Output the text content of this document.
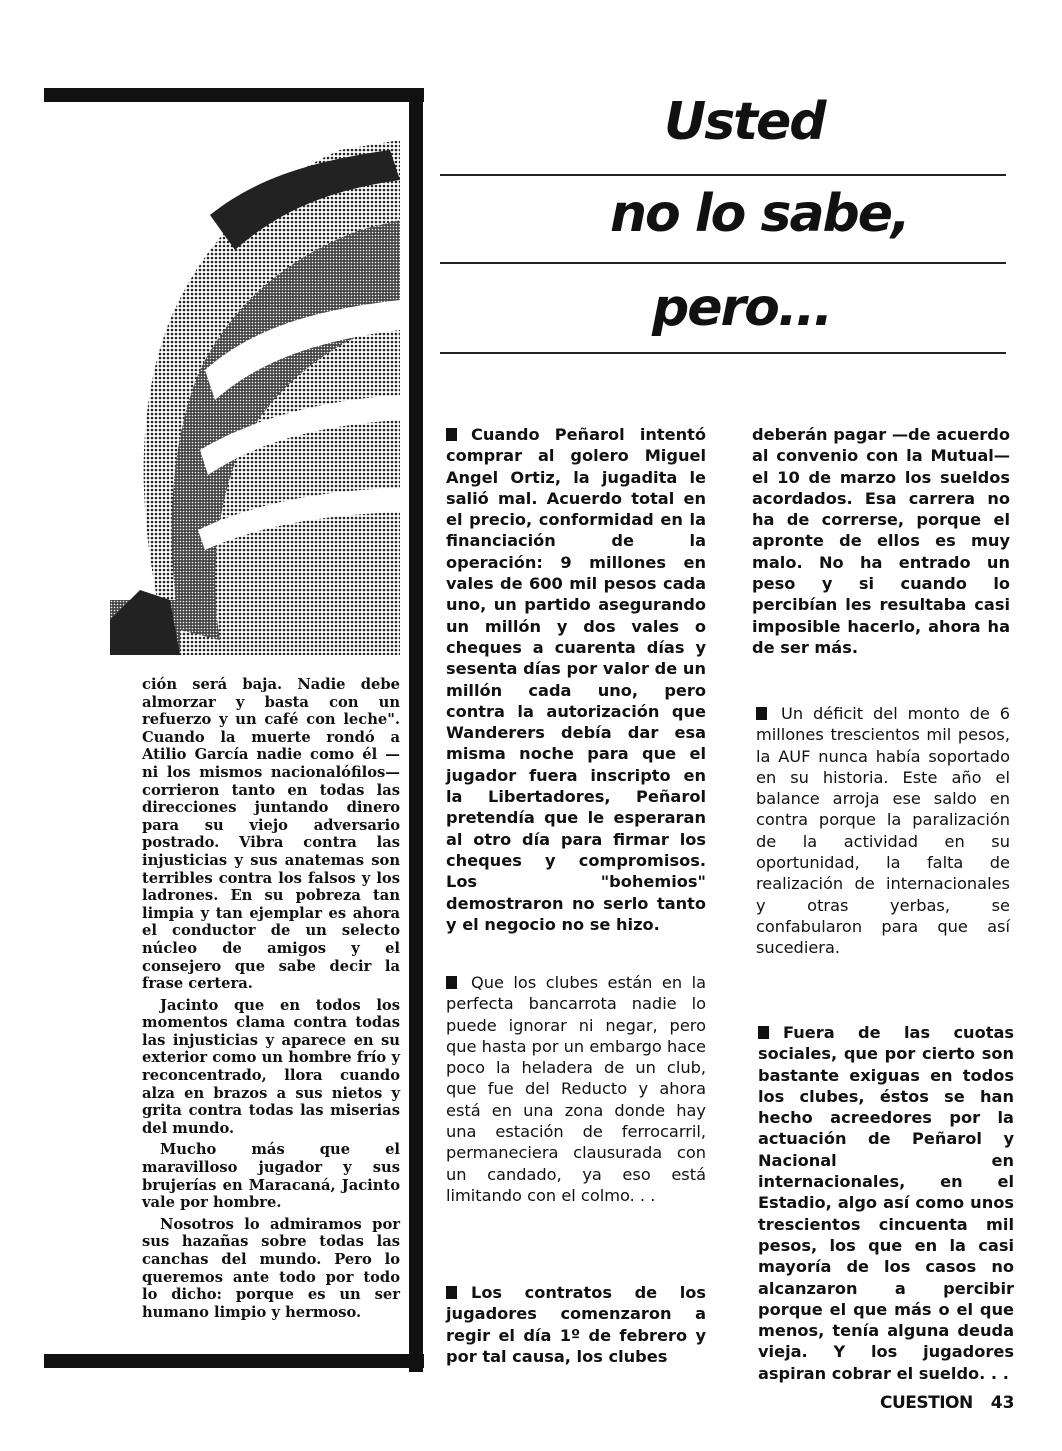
ción será baja. Nadie debe almorzar y basta con un refuerzo y un café con leche". Cuando la muerte rondó a Atilio García nadie como él —ni los mismos nacionalófilos— corrieron tanto en todas las direcciones juntando dinero para su viejo adversario postrado. Vibra contra las injusticias y sus anatemas son terribles contra los falsos y los ladrones. En su pobreza tan limpia y tan ejemplar es ahora el conductor de un selecto núcleo de amigos y el consejero que sabe decir la frase certera.

Jacinto que en todos los momentos clama contra todas las injusticias y aparece en su exterior como un hombre frío y reconcentrado, llora cuando alza en brazos a sus nietos y grita contra todas las miserias del mundo.

Mucho más que el maravilloso jugador y sus brujerías en Maracaná, Jacinto vale por hombre.

Nosotros lo admiramos por sus hazañas sobre todas las canchas del mundo. Pero lo queremos ante todo por todo lo dicho: porque es un ser humano limpio y hermoso.

Usted
no lo sabe,
pero...

Cuando Peñarol intentó comprar al golero Miguel Angel Ortiz, la jugadita le salió mal. Acuerdo total en el precio, conformidad en la financiación de la operación: 9 millones en vales de 600 mil pesos cada uno, un partido asegurando un millón y dos vales o cheques a cuarenta días y sesenta días por valor de un millón cada uno, pero contra la autorización que Wanderers debía dar esa misma noche para que el jugador fuera inscripto en la Libertadores, Peñarol pretendía que le esperaran al otro día para firmar los cheques y compromisos. Los "bohemios" demostraron no serlo tanto y el negocio no se hizo.

Que los clubes están en la perfecta bancarrota nadie lo puede ignorar ni negar, pero que hasta por un embargo hace poco la heladera de un club, que fue del Reducto y ahora está en una zona donde hay una estación de ferrocarril, permaneciera clausurada con un candado, ya eso está limitando con el colmo. . .

Los contratos de los jugadores comenzaron a regir el día 1º de febrero y por tal causa, los clubes

deberán pagar —de acuerdo al convenio con la Mutual— el 10 de marzo los sueldos acordados. Esa carrera no ha de correrse, porque el apronte de ellos es muy malo. No ha entrado un peso y si cuando lo percibían les resultaba casi imposible hacerlo, ahora ha de ser más.

Un déficit del monto de 6 millones trescientos mil pesos, la AUF nunca había soportado en su historia. Este año el balance arroja ese saldo en contra porque la paralización de la actividad en su oportunidad, la falta de realización de internacionales y otras yerbas, se confabularon para que así sucediera.

Fuera de las cuotas sociales, que por cierto son bastante exiguas en todos los clubes, éstos se han hecho acreedores por la actuación de Peñarol y Nacional en internacionales, en el Estadio, algo así como unos trescientos cincuenta mil pesos, los que en la casi mayoría de los casos no alcanzaron a percibir porque el que más o el que menos, tenía alguna deuda vieja. Y los jugadores aspiran cobrar el sueldo. . .

CUESTION 43
